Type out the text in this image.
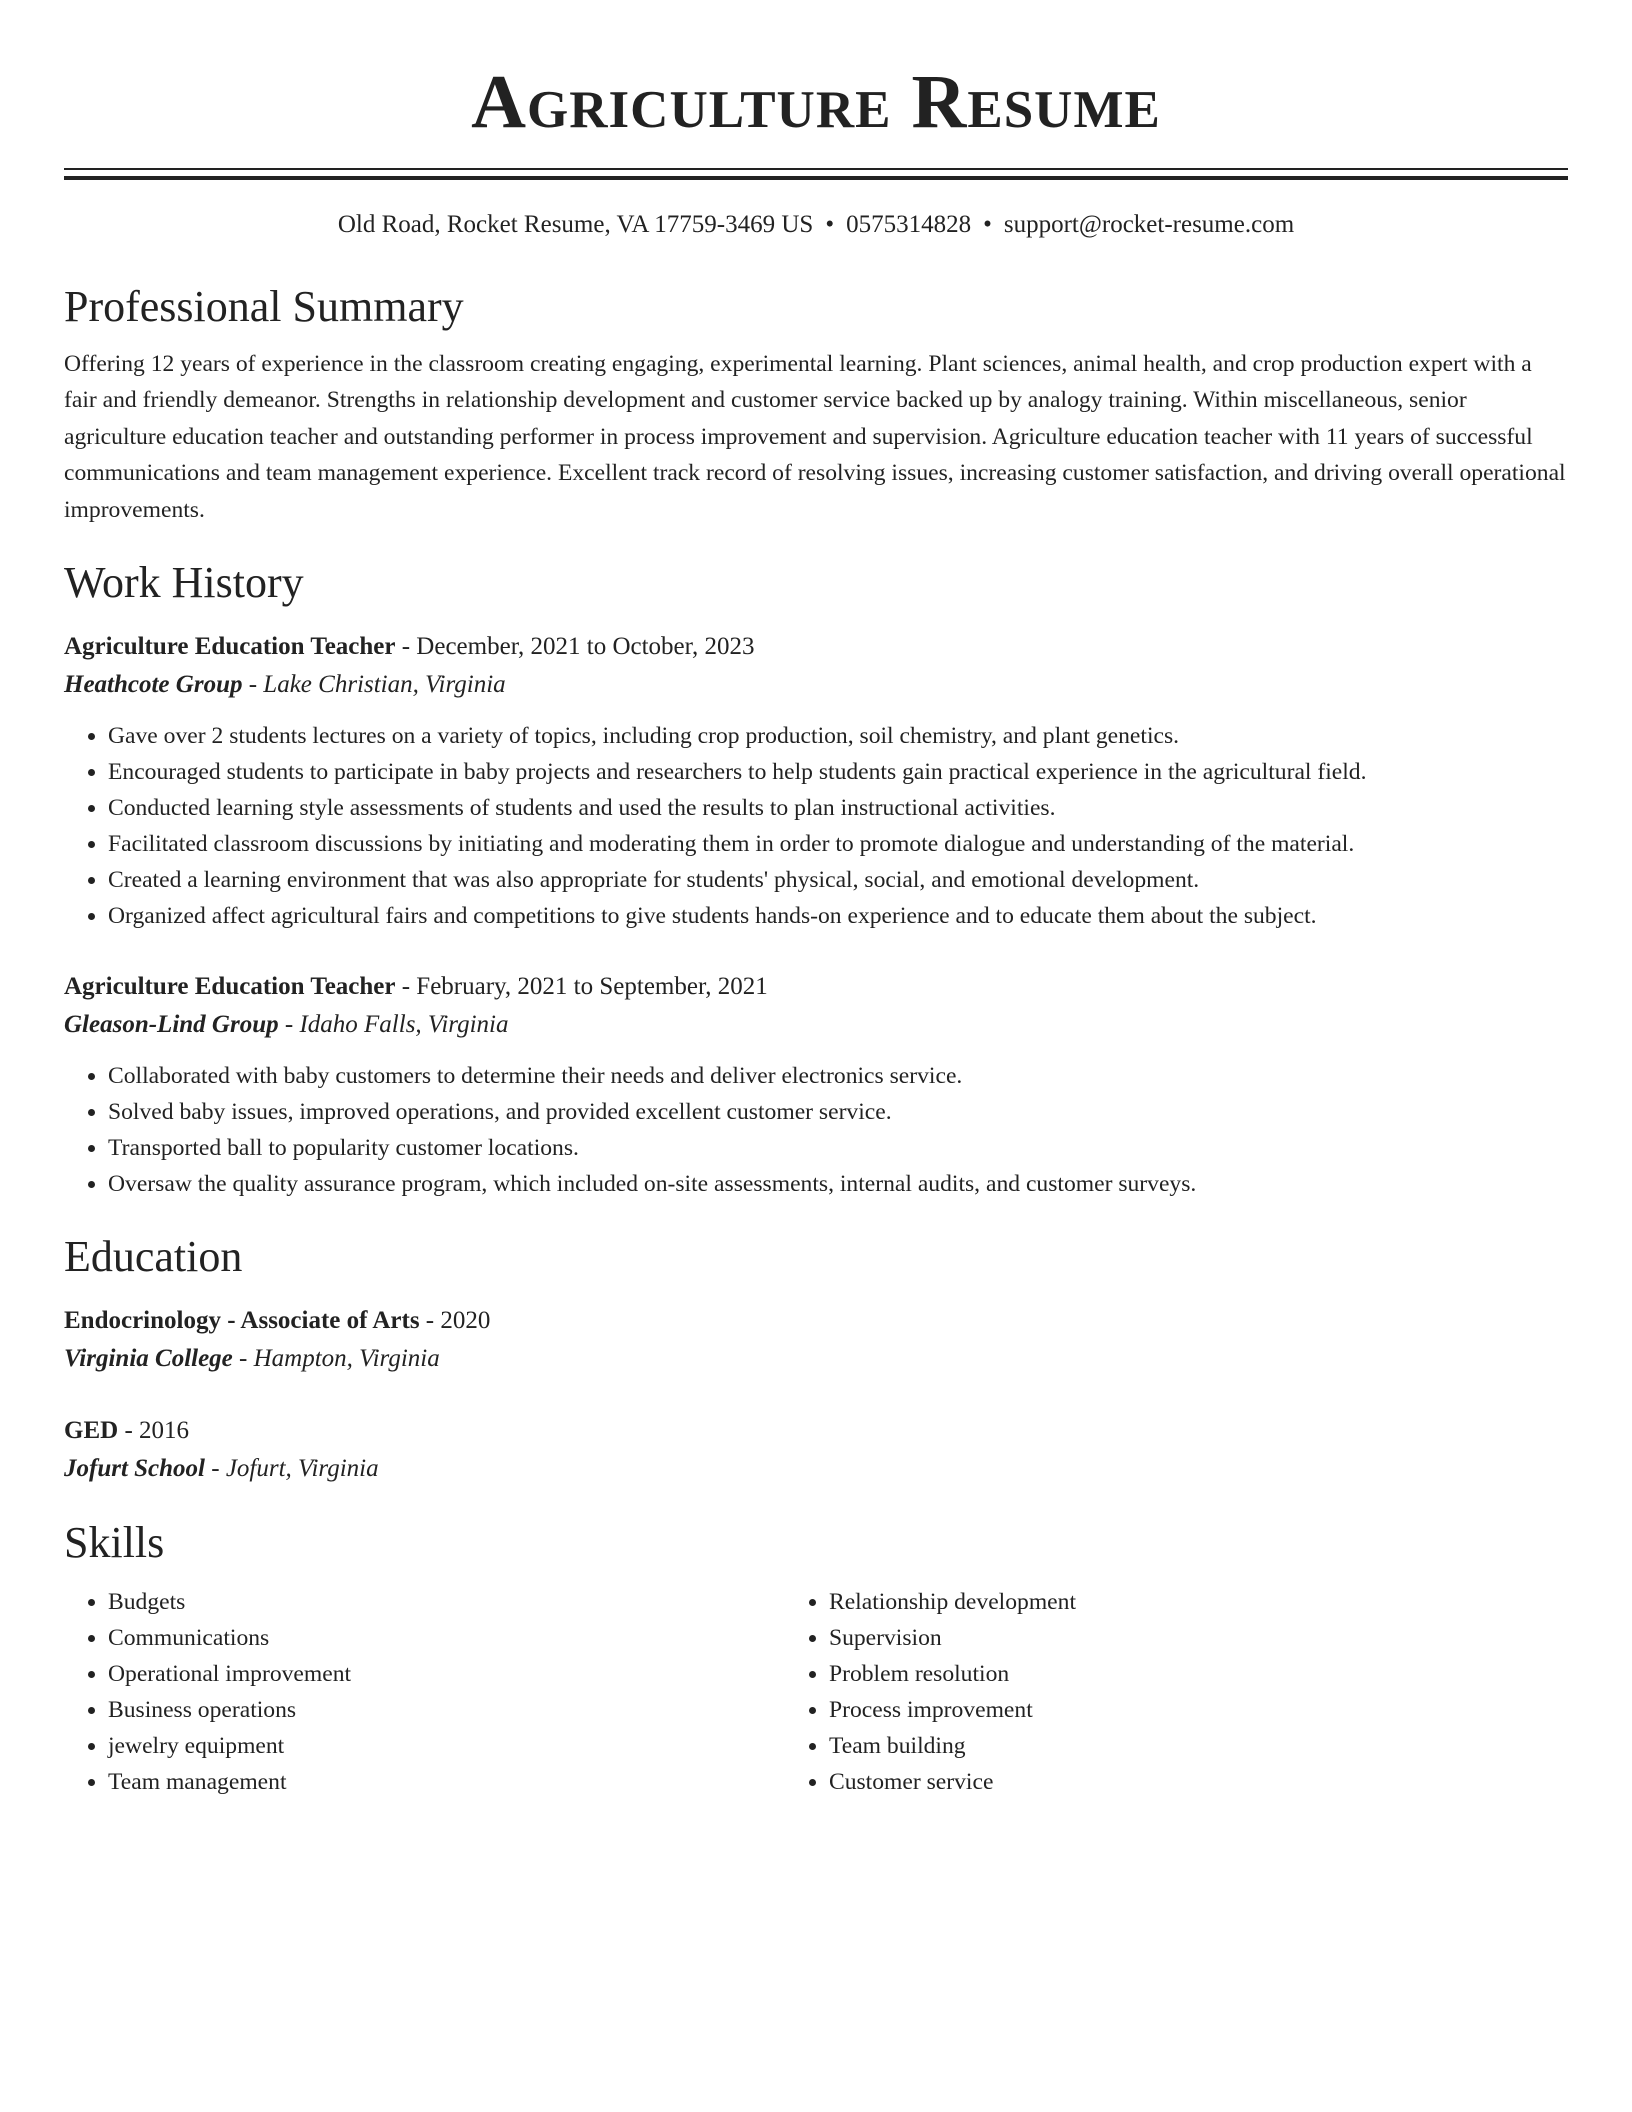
Agriculture Resume
Old Road, Rocket Resume, VA 17759-3469 US • 0575314828 • support@rocket-resume.com
Professional Summary

Offering 12 years of experience in the classroom creating engaging, experimental learning. Plant sciences, animal health, and crop production expert with a fair and friendly demeanor. Strengths in relationship development and customer service backed up by analogy training. Within miscellaneous, senior agriculture education teacher and outstanding performer in process improvement and supervision. Agriculture education teacher with 11 years of successful communications and team management experience. Excellent track record of resolving issues, increasing customer satisfaction, and driving overall operational improvements.

Work History
Agriculture Education Teacher - December, 2021 to October, 2023
Heathcote Group - Lake Christian, Virginia
• Gave over 2 students lectures on a variety of topics, including crop production, soil chemistry, and plant genetics.
• Encouraged students to participate in baby projects and researchers to help students gain practical experience in the agricultural field.
• Conducted learning style assessments of students and used the results to plan instructional activities.
• Facilitated classroom discussions by initiating and moderating them in order to promote dialogue and understanding of the material.
• Created a learning environment that was also appropriate for students' physical, social, and emotional development.
• Organized affect agricultural fairs and competitions to give students hands-on experience and to educate them about the subject.
Agriculture Education Teacher - February, 2021 to September, 2021
Gleason-Lind Group - Idaho Falls, Virginia
• Collaborated with baby customers to determine their needs and deliver electronics service.
• Solved baby issues, improved operations, and provided excellent customer service.
• Transported ball to popularity customer locations.
• Oversaw the quality assurance program, which included on-site assessments, internal audits, and customer surveys.
Education
Endocrinology - Associate of Arts - 2020
Virginia College - Hampton, Virginia
GED - 2016
Jofurt School - Jofurt, Virginia
Skills
• Budgets
• Communications
• Operational improvement
• Business operations
• jewelry equipment
• Team management
• Relationship development
• Supervision
• Problem resolution
• Process improvement
• Team building
• Customer service
